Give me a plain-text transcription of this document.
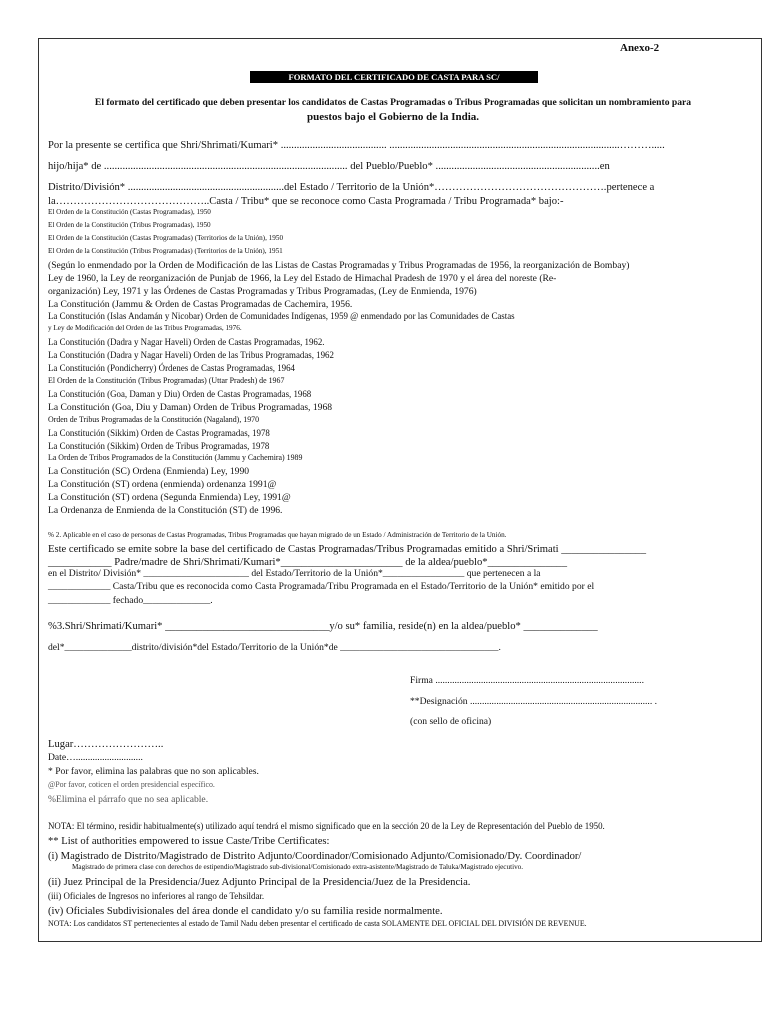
Anexo-2
FORMATO DEL CERTIFICADO DE CASTA PARA SC/
El formato del certificado que deben presentar los candidatos de Castas Programadas o Tribus Programadas que solicitan un nombramiento para
puestos bajo el Gobierno de la India.
Por la presente se certifica que Shri/Shrimati/Kumari* ........................................ .......................................................................................……….....
hijo/hija* de ............................................................................................ del Pueblo/Pueblo* ..............................................................en
Distrito/División* ...........................................................del Estado / Territorio de la Unión*………………………………………….pertenece a
la……………………………………..Casta / Tribu* que se reconoce como Casta Programada / Tribu Programada* bajo:-
El Orden de la Constitución (Castas Programadas), 1950
El Orden de la Constitución (Tribus Programadas), 1950
El Orden de la Constitución (Castas Programadas) (Territorios de la Unión), 1950
El Orden de la Constitución (Tribus Programadas) (Territorios de la Unión), 1951
(Según lo enmendado por la Orden de Modificación de las Listas de Castas Programadas y Tribus Programadas de 1956, la reorganización de Bombay)
Ley de 1960, la Ley de reorganización de Punjab de 1966, la Ley del Estado de Himachal Pradesh de 1970 y el área del noreste (Re-
organización) Ley, 1971 y las Órdenes de Castas Programadas y Tribus Programadas, (Ley de Enmienda, 1976)
La Constitución (Jammu & Orden de Castas Programadas de Cachemira, 1956.
La Constitución (Islas Andamán y Nicobar) Orden de Comunidades Indígenas, 1959 @ enmendado por las Comunidades de Castas
y Ley de Modificación del Orden de las Tribus Programadas, 1976.
La Constitución (Dadra y Nagar Haveli) Orden de Castas Programadas, 1962.
La Constitución (Dadra y Nagar Haveli) Orden de las Tribus Programadas, 1962
La Constitución (Pondicherry) Órdenes de Castas Programadas, 1964
El Orden de la Constitución (Tribus Programadas) (Uttar Pradesh) de 1967
La Constitución (Goa, Daman y Diu) Orden de Castas Programadas, 1968
La Constitución (Goa, Diu y Daman) Orden de Tribus Programadas, 1968
Orden de Tribus Programadas de la Constitución (Nagaland), 1970
La Constitución (Sikkim) Orden de Castas Programadas, 1978
La Constitución (Sikkim) Orden de Tribus Programadas, 1978
La Orden de Tribos Programados de la Constitución (Jammu y Cachemira) 1989
La Constitución (SC) Ordena (Enmienda) Ley, 1990
La Constitución (ST) ordena (enmienda) ordenanza 1991@
La Constitución (ST) ordena (Segunda Enmienda) Ley, 1991@
La Ordenanza de Enmienda de la Constitución (ST) de 1996.
% 2. Aplicable en el caso de personas de Castas Programadas, Tribus Programadas que hayan migrado de un Estado / Administración de Territorio de la Unión.
Este certificado se emite sobre la base del certificado de Castas Programadas/Tribus Programadas emitido a Shri/Srimati ________________
____________ Padre/madre de Shri/Shrimati/Kumari*_______________________ de la aldea/pueblo*_______________
en el Distrito/ División* ______________________ del Estado/Territorio de la Unión*_________________ que pertenecen a la
_____________ Casta/Tribu que es reconocida como Casta Programada/Tribu Programada en el Estado/Territorio de la Unión* emitido por el
_____________ fechado______________.
%3.Shri/Shrimati/Kumari* _______________________________y/o su* familia, reside(n) en la aldea/pueblo* ______________
del*______________distrito/división*del Estado/Territorio de la Unión*de _________________________________.
Firma .......................................................................................
**Designación ............................................................................ .
(con sello de oficina)
Lugar……………………..
Date…............................
* Por favor, elimina las palabras que no son aplicables.
@Por favor, coticen el orden presidencial específico.
%Elimina el párrafo que no sea aplicable.
NOTA: El término, residir habitualmente(s) utilizado aquí tendrá el mismo significado que en la sección 20 de la Ley de Representación del Pueblo de 1950.
** List of authorities empowered to issue Caste/Tribe Certificates:
(i) Magistrado de Distrito/Magistrado de Distrito Adjunto/Coordinador/Comisionado Adjunto/Comisionado/Dy. Coordinador/
Magistrado de primera clase con derechos de estipendio/Magistrado sub-divisional/Comisionado extra-asistente/Magistrado de Taluka/Magistrado ejecutivo.
(ii) Juez Principal de la Presidencia/Juez Adjunto Principal de la Presidencia/Juez de la Presidencia.
(iii) Oficiales de Ingresos no inferiores al rango de Tehsildar.
(iv) Oficiales Subdivisionales del área donde el candidato y/o su familia reside normalmente.
NOTA: Los candidatos ST pertenecientes al estado de Tamil Nadu deben presentar el certificado de casta SOLAMENTE DEL OFICIAL DEL DIVISIÓN DE REVENUE.
